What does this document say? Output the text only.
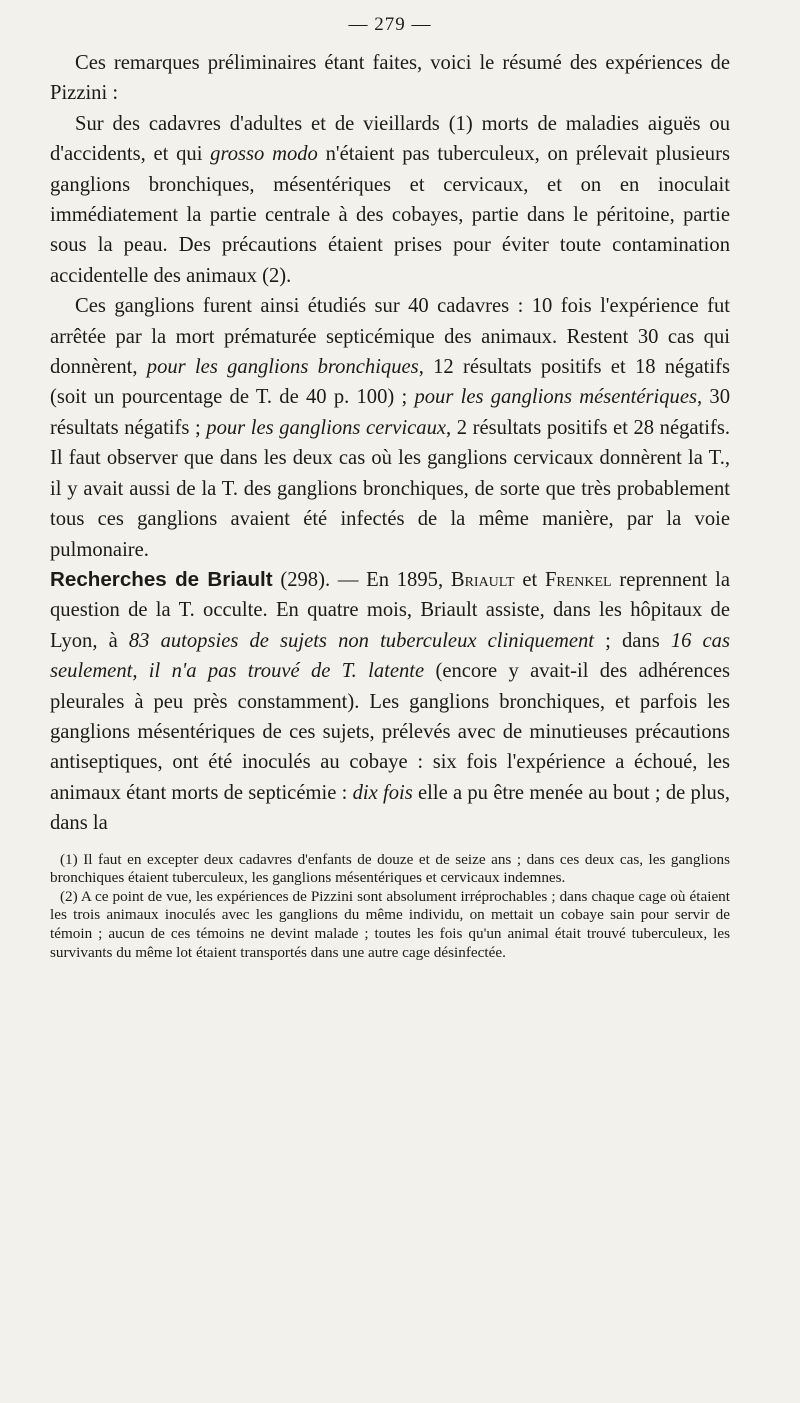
— 279 —

Ces remarques préliminaires étant faites, voici le résumé des expériences de Pizzini :

Sur des cadavres d'adultes et de vieillards (1) morts de maladies aiguës ou d'accidents, et qui grosso modo n'étaient pas tuberculeux, on prélevait plusieurs ganglions bronchiques, mésentériques et cervicaux, et on en inoculait immédiatement la partie centrale à des cobayes, partie dans le péritoine, partie sous la peau. Des précautions étaient prises pour éviter toute contamination accidentelle des animaux (2).

Ces ganglions furent ainsi étudiés sur 40 cadavres : 10 fois l'expérience fut arrêtée par la mort prématurée septicémique des animaux. Restent 30 cas qui donnèrent, pour les ganglions bronchiques, 12 résultats positifs et 18 négatifs (soit un pourcentage de T. de 40 p. 100) ; pour les ganglions mésentériques, 30 résultats négatifs ; pour les ganglions cervicaux, 2 résultats positifs et 28 négatifs. Il faut observer que dans les deux cas où les ganglions cervicaux donnèrent la T., il y avait aussi de la T. des ganglions bronchiques, de sorte que très probablement tous ces ganglions avaient été infectés de la même manière, par la voie pulmonaire.

Recherches de Briault (298). — En 1895, Briault et Frenkel reprennent la question de la T. occulte. En quatre mois, Briault assiste, dans les hôpitaux de Lyon, à 83 autopsies de sujets non tuberculeux cliniquement ; dans 16 cas seulement, il n'a pas trouvé de T. latente (encore y avait-il des adhérences pleurales à peu près constamment). Les ganglions bronchiques, et parfois les ganglions mésentériques de ces sujets, prélevés avec de minutieuses précautions antiseptiques, ont été inoculés au cobaye : six fois l'expérience a échoué, les animaux étant morts de septicémie : dix fois elle a pu être menée au bout ; de plus, dans la

(1) Il faut en excepter deux cadavres d'enfants de douze et de seize ans ; dans ces deux cas, les ganglions bronchiques étaient tuberculeux, les ganglions mésentériques et cervicaux indemnes.

(2) A ce point de vue, les expériences de Pizzini sont absolument irréprochables ; dans chaque cage où étaient les trois animaux inoculés avec les ganglions du même individu, on mettait un cobaye sain pour servir de témoin ; aucun de ces témoins ne devint malade ; toutes les fois qu'un animal était trouvé tuberculeux, les survivants du même lot étaient transportés dans une autre cage désinfectée.
